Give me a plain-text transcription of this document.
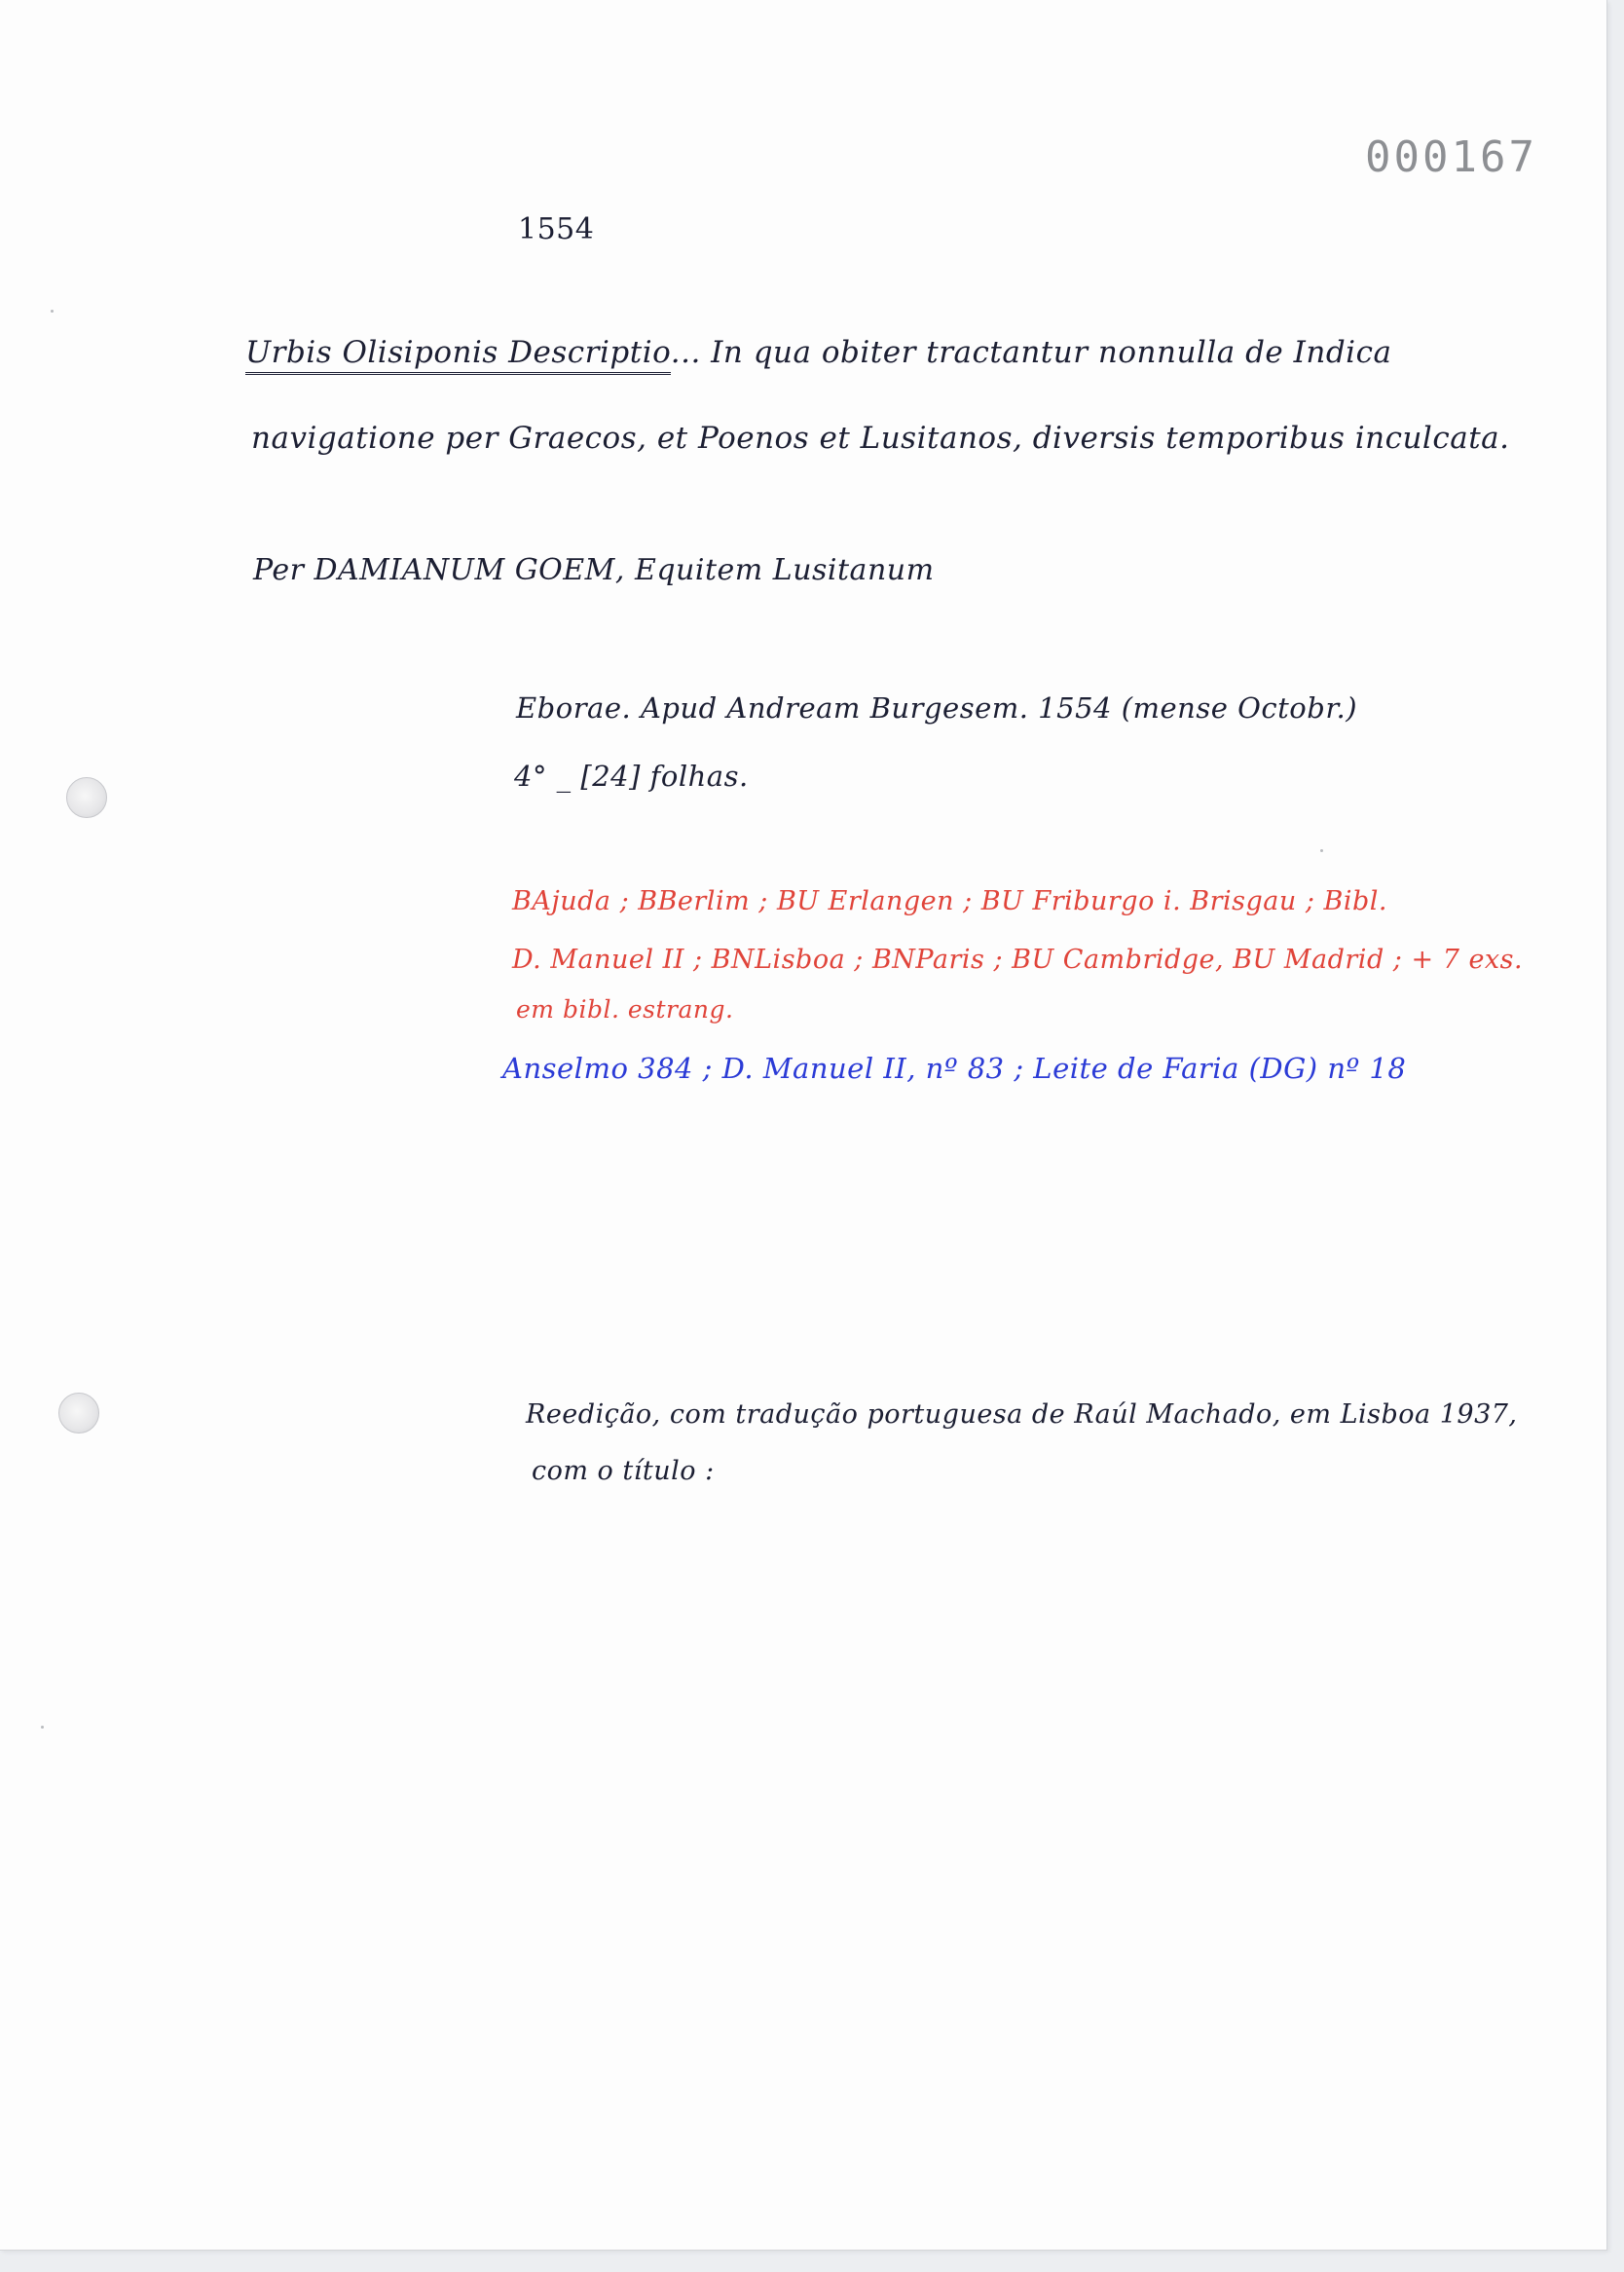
000167
1554
Urbis Olisiponis Descriptio... In qua obiter tractantur nonnulla de Indica
navigatione per Graecos, et Poenos et Lusitanos, diversis temporibus inculcata.
Per DAMIANUM GOEM, Equitem Lusitanum
Eborae. Apud Andream Burgesem. 1554 (mense Octobr.)
4° _ [24] folhas.
BAjuda ; BBerlim ; BU Erlangen ; BU Friburgo i. Brisgau ; Bibl.
D. Manuel II ; BNLisboa ; BNParis ; BU Cambridge, BU Madrid ; + 7 exs.
em bibl. estrang.
Anselmo 384 ; D. Manuel II, nº 83 ; Leite de Faria (DG) nº 18
Reedição, com tradução portuguesa de Raúl Machado, em Lisboa 1937,
com o título :
